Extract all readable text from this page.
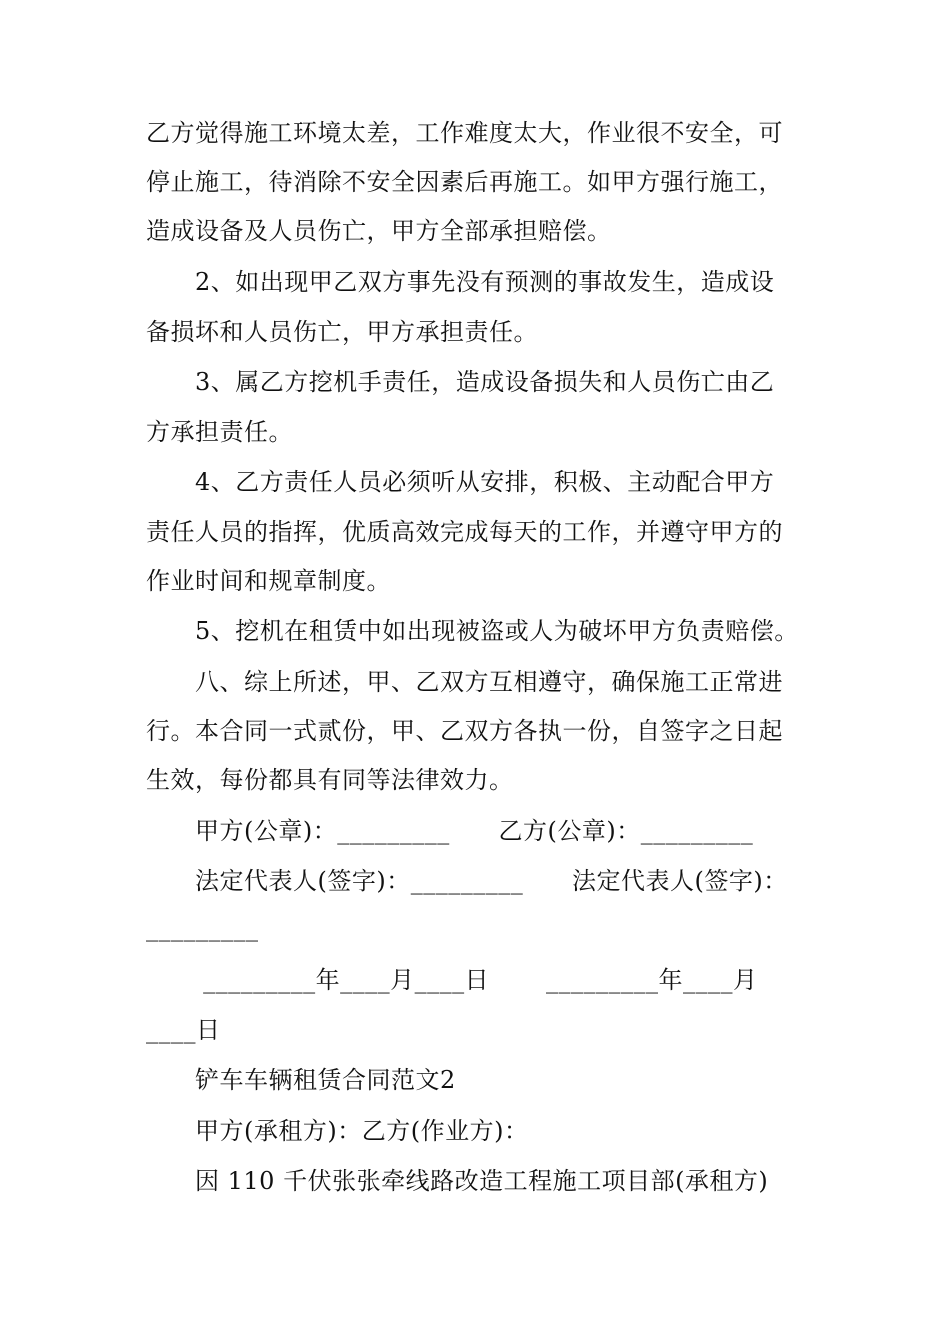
乙方觉得施工环境太差，工作难度太大，作业很不安全，可
停止施工，待消除不安全因素后再施工。如甲方强行施工，
造成设备及人员伤亡，甲方全部承担赔偿。
2、如出现甲乙双方事先没有预测的事故发生，造成设
备损坏和人员伤亡，甲方承担责任。
3、属乙方挖机手责任，造成设备损失和人员伤亡由乙
方承担责任。
4、乙方责任人员必须听从安排，积极、主动配合甲方
责任人员的指挥，优质高效完成每天的工作，并遵守甲方的
作业时间和规章制度。
5、挖机在租赁中如出现被盗或人为破坏甲方负责赔偿。
八、综上所述，甲、乙双方互相遵守，确保施工正常进
行。本合同一式贰份，甲、乙双方各执一份，自签字之日起
生效，每份都具有同等法律效力。
甲方(公章)：_________      乙方(公章)：_________
法定代表人(签字)：_________      法定代表人(签字)：
_________
_________年____月____日       _________年____月
____日
铲车车辆租赁合同范文2
甲方(承租方)：乙方(作业方)：
因 110 千伏张张牵线路改造工程施工项目部(承租方)
